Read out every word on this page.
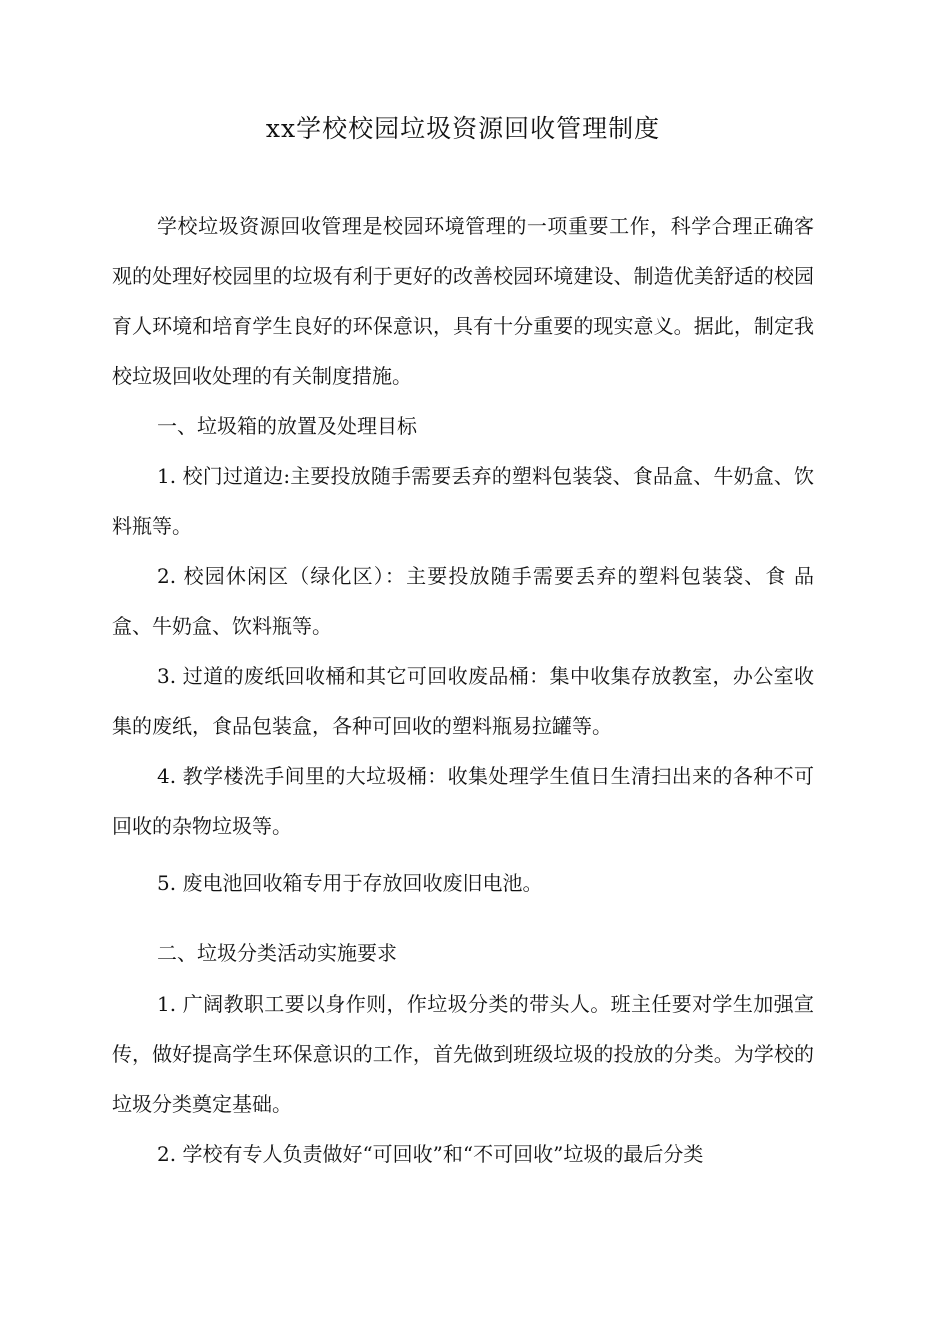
xx学校校园垃圾资源回收管理制度

学校垃圾资源回收管理是校园环境管理的一项重要工作，科学合理正确客观的处理好校园里的垃圾有利于更好的改善校园环境建设、制造优美舒适的校园育人环境和培育学生良好的环保意识，具有十分重要的现实意义。据此，制定我校垃圾回收处理的有关制度措施。

一、垃圾箱的放置及处理目标

1. 校门过道边:主要投放随手需要丢弃的塑料包装袋、食品盒、牛奶盒、饮料瓶等。

2. 校园休闲区（绿化区）：主要投放随手需要丢弃的塑料包装袋、食 品盒、牛奶盒、饮料瓶等。

3. 过道的废纸回收桶和其它可回收废品桶：集中收集存放教室，办公室收集的废纸，食品包装盒，各种可回收的塑料瓶易拉罐等。

4. 教学楼洗手间里的大垃圾桶：收集处理学生值日生清扫出来的各种不可回收的杂物垃圾等。

5. 废电池回收箱专用于存放回收废旧电池。

二、垃圾分类活动实施要求

1. 广阔教职工要以身作则，作垃圾分类的带头人。班主任要对学生加强宣传，做好提高学生环保意识的工作，首先做到班级垃圾的投放的分类。为学校的垃圾分类奠定基础。

2. 学校有专人负责做好“可回收”和“不可回收”垃圾的最后分类
